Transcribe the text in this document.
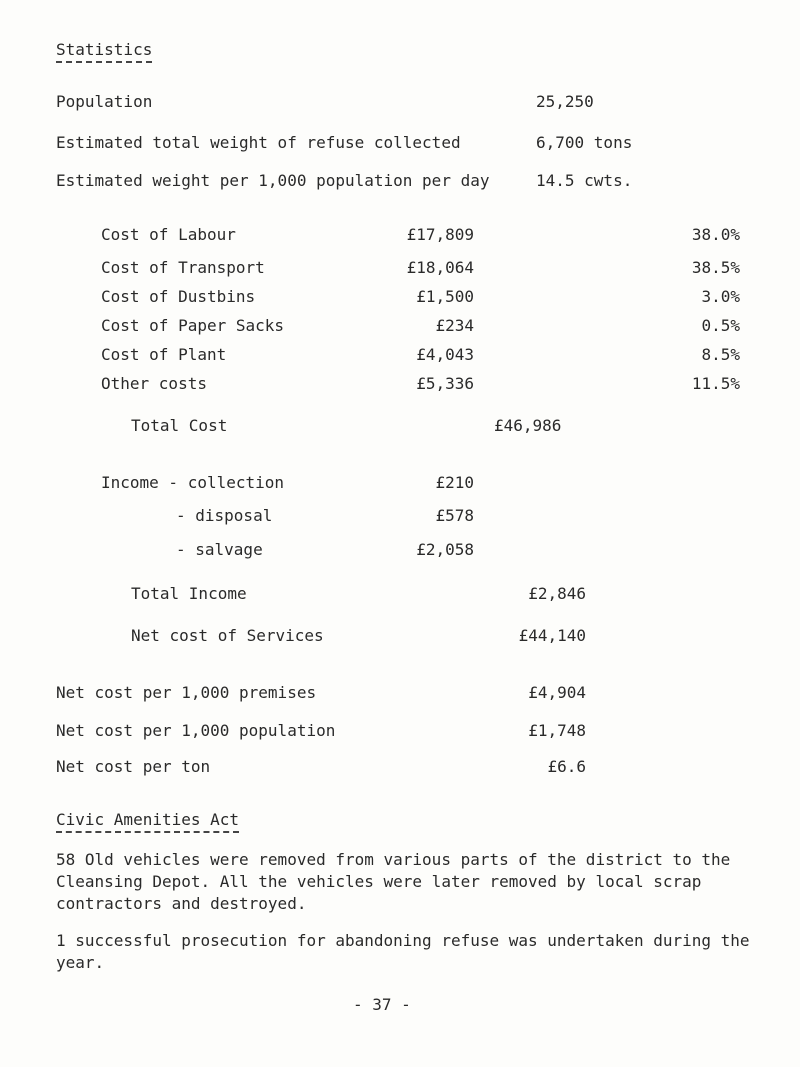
Statistics
Population	25,250
Estimated total weight of refuse collected	6,700 tons
Estimated weight per 1,000 population per day	14.5 cwts.
Cost of Labour	£17,809	38.0%
Cost of Transport	£18,064	38.5%
Cost of Dustbins	£1,500	3.0%
Cost of Paper Sacks	£234	0.5%
Cost of Plant	£4,043	8.5%
Other costs	£5,336	11.5%
Total Cost	£46,986
Income - collection	£210
- disposal	£578
- salvage	£2,058
Total Income	£2,846
Net cost of Services	£44,140
Net cost per 1,000 premises	£4,904
Net cost per 1,000 population	£1,748
Net cost per ton	£6.6
Civic Amenities Act
58 Old vehicles were removed from various parts of the district to the Cleansing Depot. All the vehicles were later removed by local scrap contractors and destroyed.
1 successful prosecution for abandoning refuse was undertaken during the year.
- 37 -
